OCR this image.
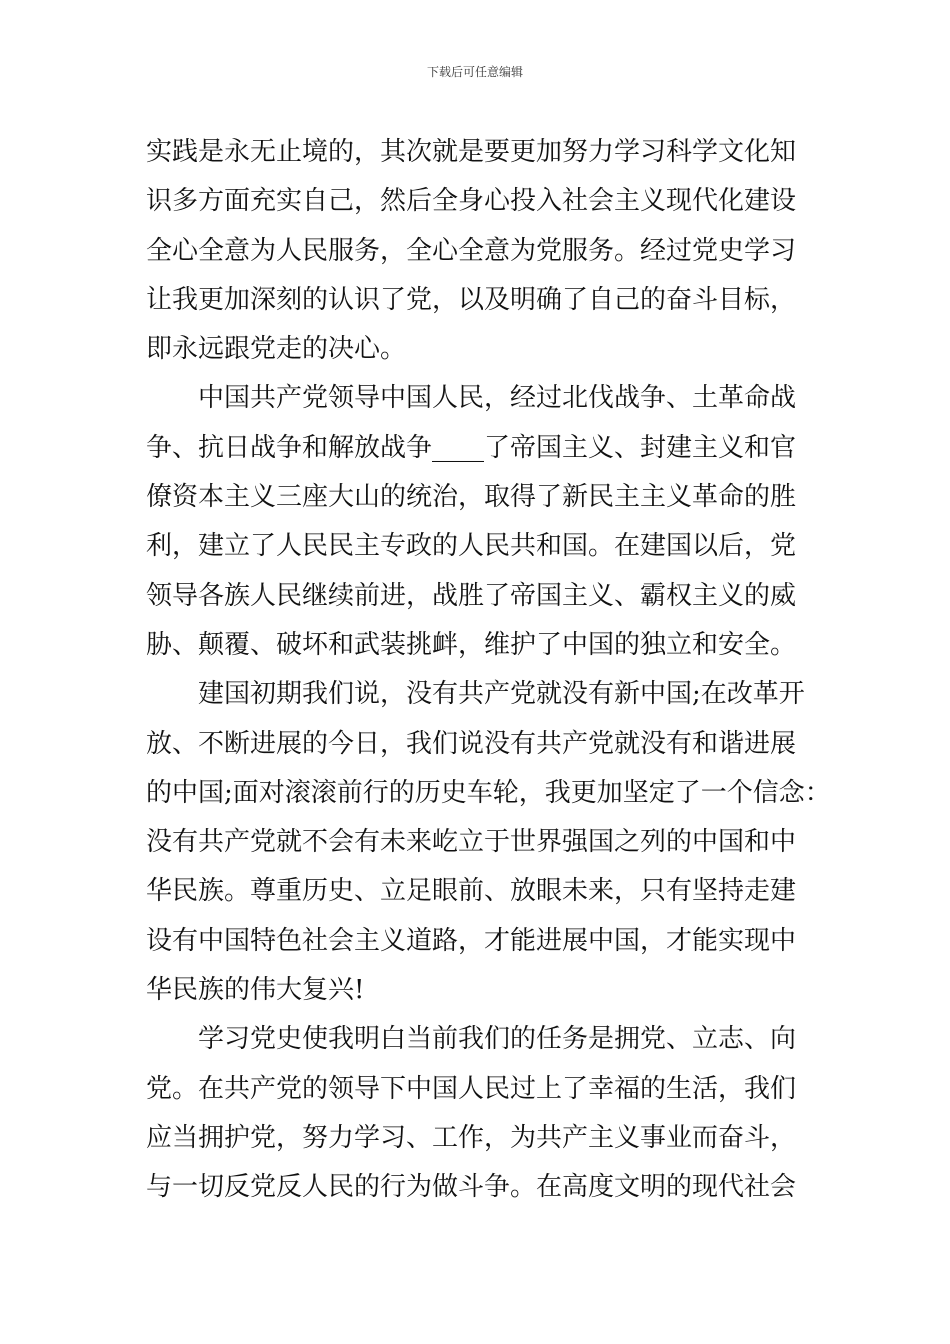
下载后可任意编辑
实践是永无止境的，其次就是要更加努力学习科学文化知
识多方面充实自己，然后全身心投入社会主义现代化建设
全心全意为人民服务，全心全意为党服务。经过党史学习
让我更加深刻的认识了党，以及明确了自己的奋斗目标，
即永远跟党走的决心。
中国共产党领导中国人民，经过北伐战争、土革命战
争、抗日战争和解放战争____了帝国主义、封建主义和官
僚资本主义三座大山的统治，取得了新民主主义革命的胜
利，建立了人民民主专政的人民共和国。在建国以后，党
领导各族人民继续前进，战胜了帝国主义、霸权主义的威
胁、颠覆、破坏和武装挑衅，维护了中国的独立和安全。
建国初期我们说，没有共产党就没有新中国;在改革开
放、不断进展的今日，我们说没有共产党就没有和谐进展
的中国;面对滚滚前行的历史车轮，我更加坚定了一个信念：
没有共产党就不会有未来屹立于世界强国之列的中国和中
华民族。尊重历史、立足眼前、放眼未来，只有坚持走建
设有中国特色社会主义道路，才能进展中国，才能实现中
华民族的伟大复兴!
学习党史使我明白当前我们的任务是拥党、立志、向
党。在共产党的领导下中国人民过上了幸福的生活，我们
应当拥护党，努力学习、工作，为共产主义事业而奋斗，
与一切反党反人民的行为做斗争。在高度文明的现代社会
